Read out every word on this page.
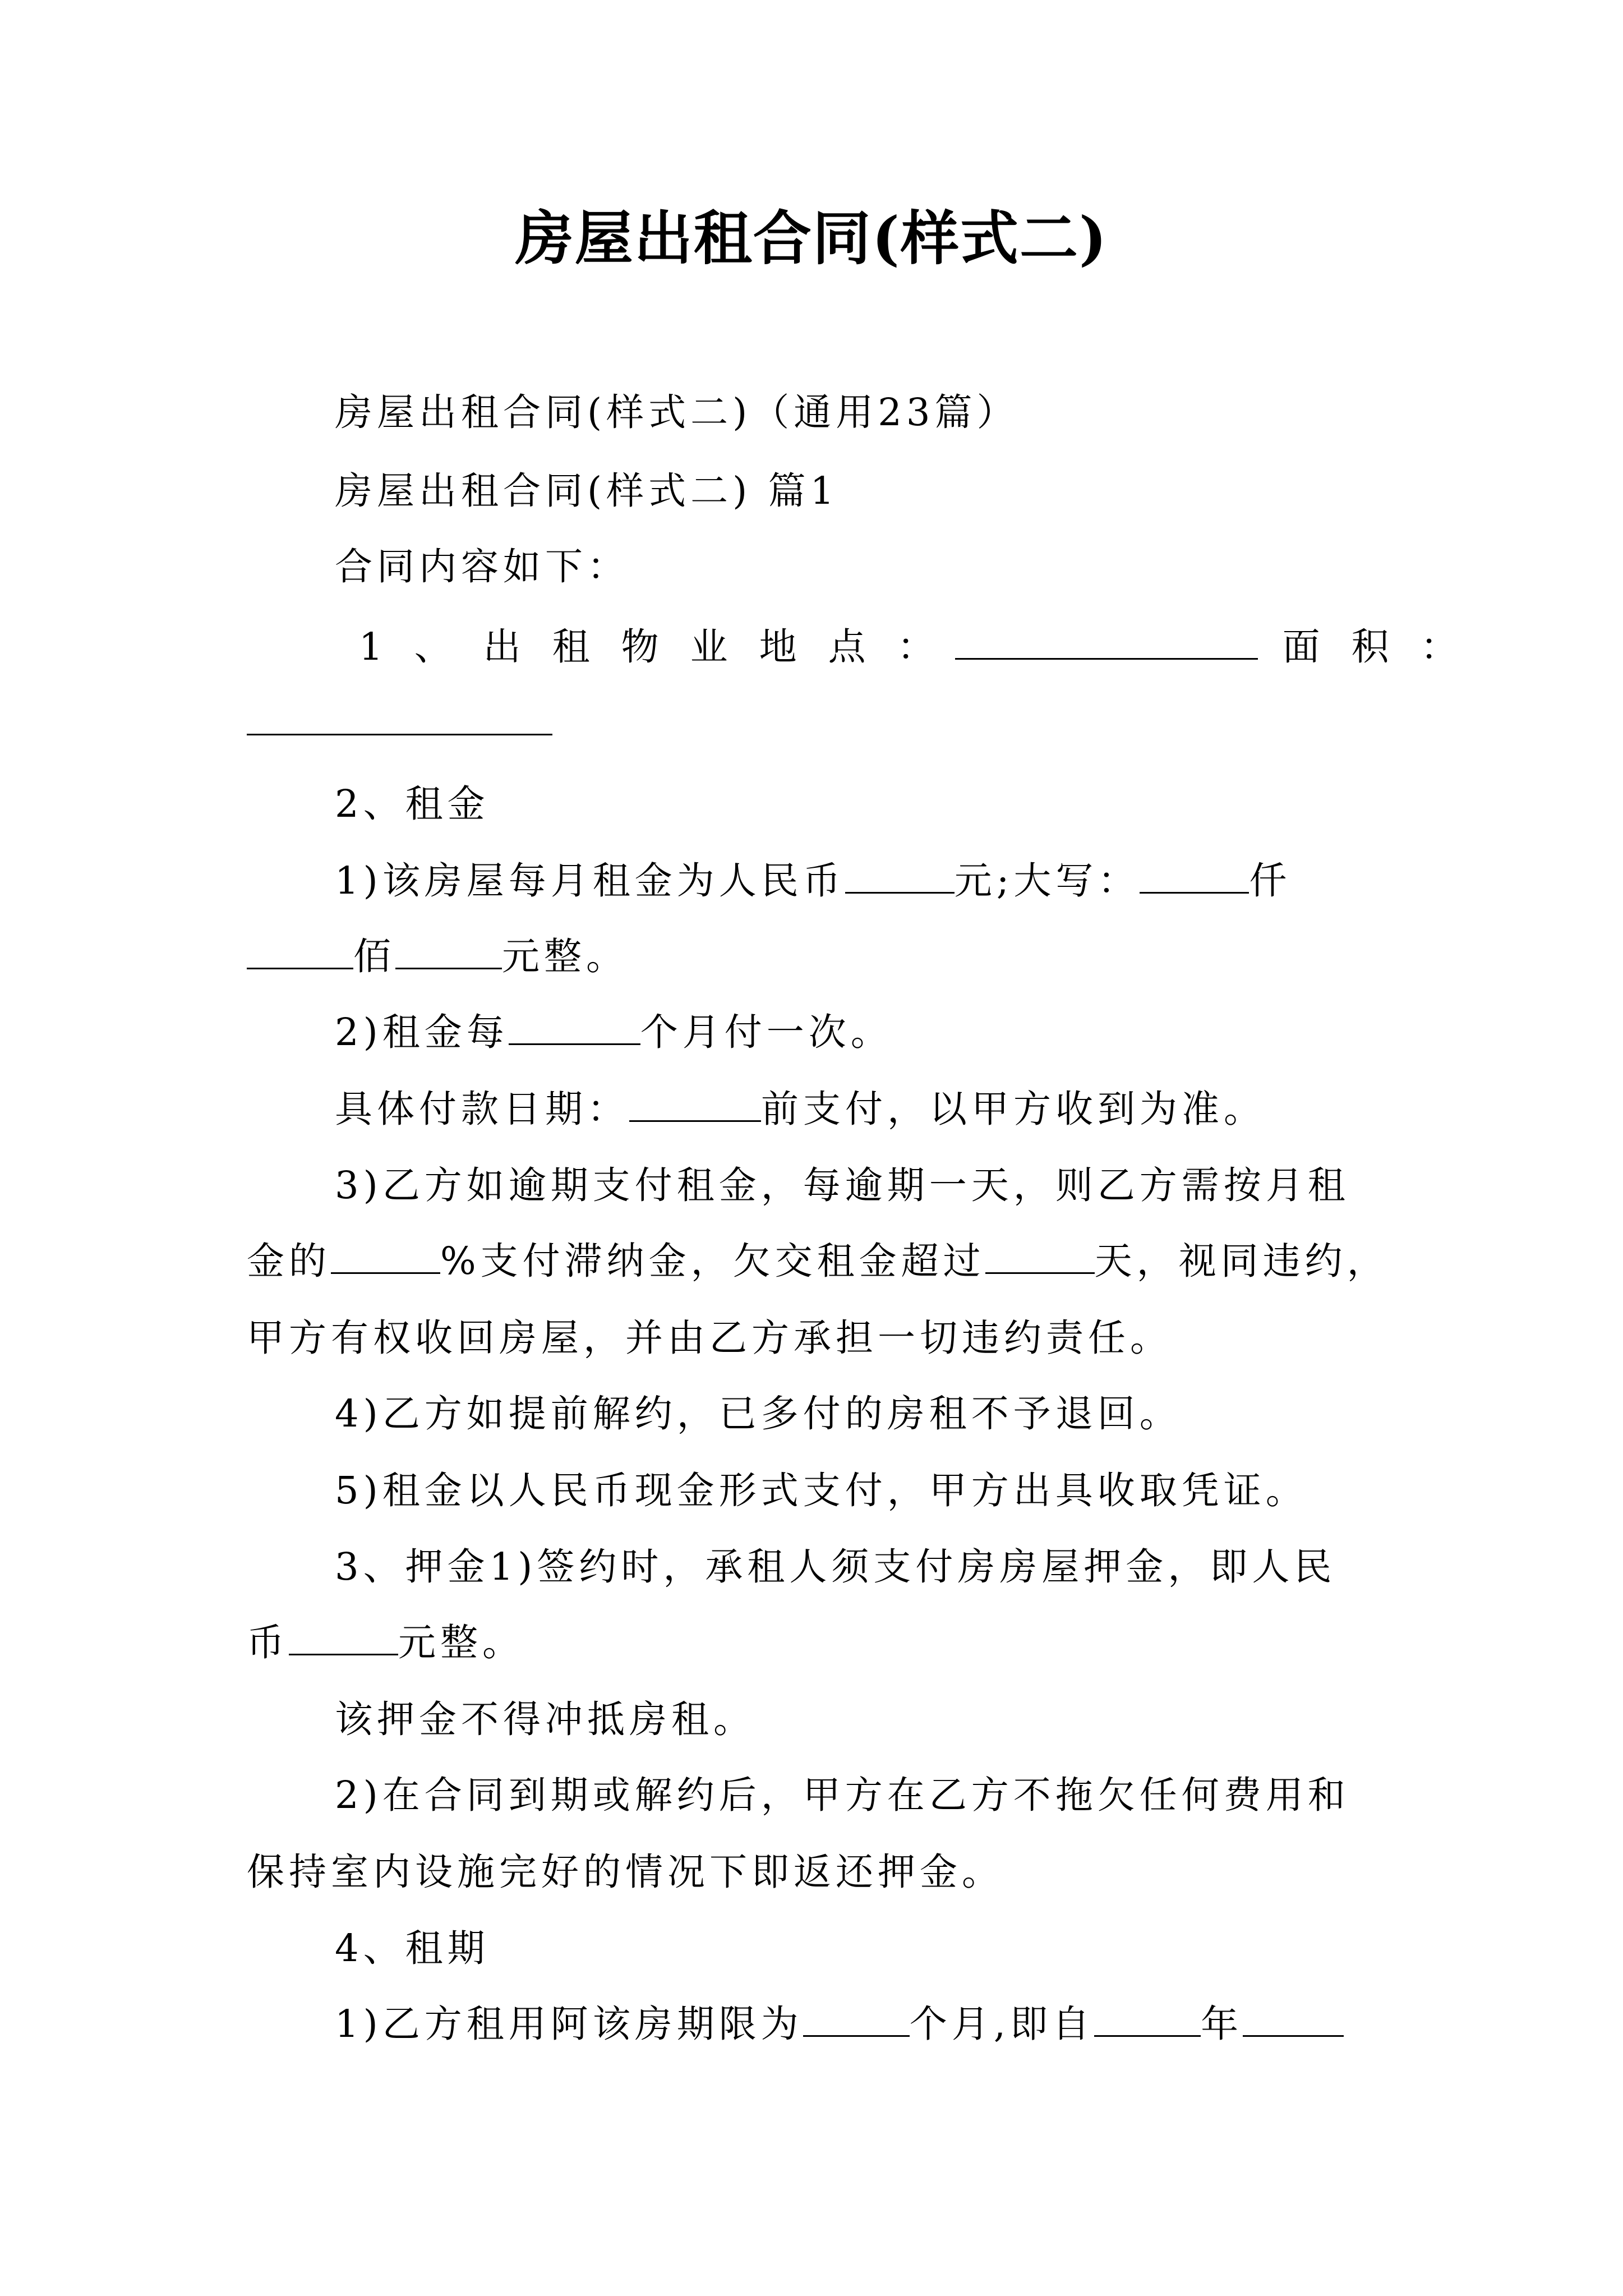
房屋出租合同(样式二)
房屋出租合同(样式二)（通用23篇）
房屋出租合同(样式二) 篇1
合同内容如下：
1、出租物业地点：	面积：
2、租金
1)该房屋每月租金为人民币	元;大写：	仟
佰	元整。
2)租金每	个月付一次。
具体付款日期：	前支付，以甲方收到为准。
3)乙方如逾期支付租金，每逾期一天，则乙方需按月租
金的	%支付滞纳金，欠交租金超过	天，视同违约，
甲方有权收回房屋，并由乙方承担一切违约责任。
4)乙方如提前解约，已多付的房租不予退回。
5)租金以人民币现金形式支付，甲方出具收取凭证。
3、押金1)签约时，承租人须支付房房屋押金，即人民
币	元整。
该押金不得冲抵房租。
2)在合同到期或解约后，甲方在乙方不拖欠任何费用和
保持室内设施完好的情况下即返还押金。
4、租期
1)乙方租用阿该房期限为	个月,即自	年
